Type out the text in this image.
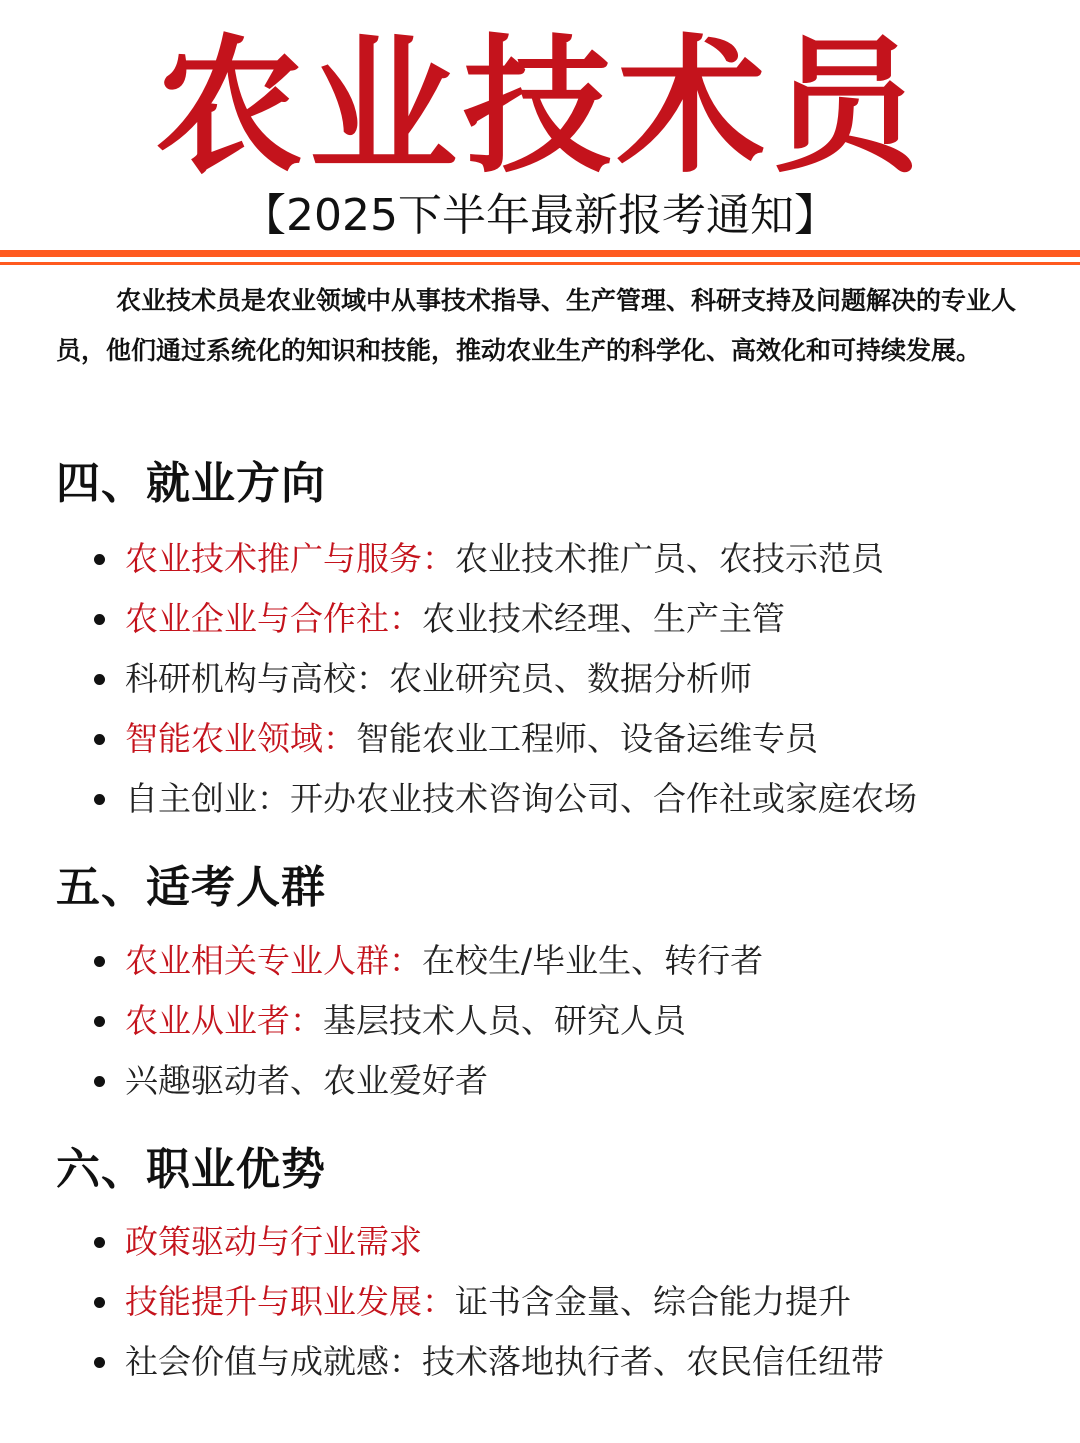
农业技术员
【2025下半年最新报考通知】
农业技术员是农业领域中从事技术指导、生产管理、科研支持及问题解决的专业人员，他们通过系统化的知识和技能，推动农业生产的科学化、高效化和可持续发展。
四、就业方向
农业技术推广与服务：农业技术推广员、农技示范员
农业企业与合作社：农业技术经理、生产主管
科研机构与高校：农业研究员、数据分析师
智能农业领域：智能农业工程师、设备运维专员
自主创业：开办农业技术咨询公司、合作社或家庭农场
五、适考人群
农业相关专业人群：在校生/毕业生、转行者
农业从业者：基层技术人员、研究人员
兴趣驱动者、农业爱好者
六、职业优势
政策驱动与行业需求
技能提升与职业发展：证书含金量、综合能力提升
社会价值与成就感：技术落地执行者、农民信任纽带
